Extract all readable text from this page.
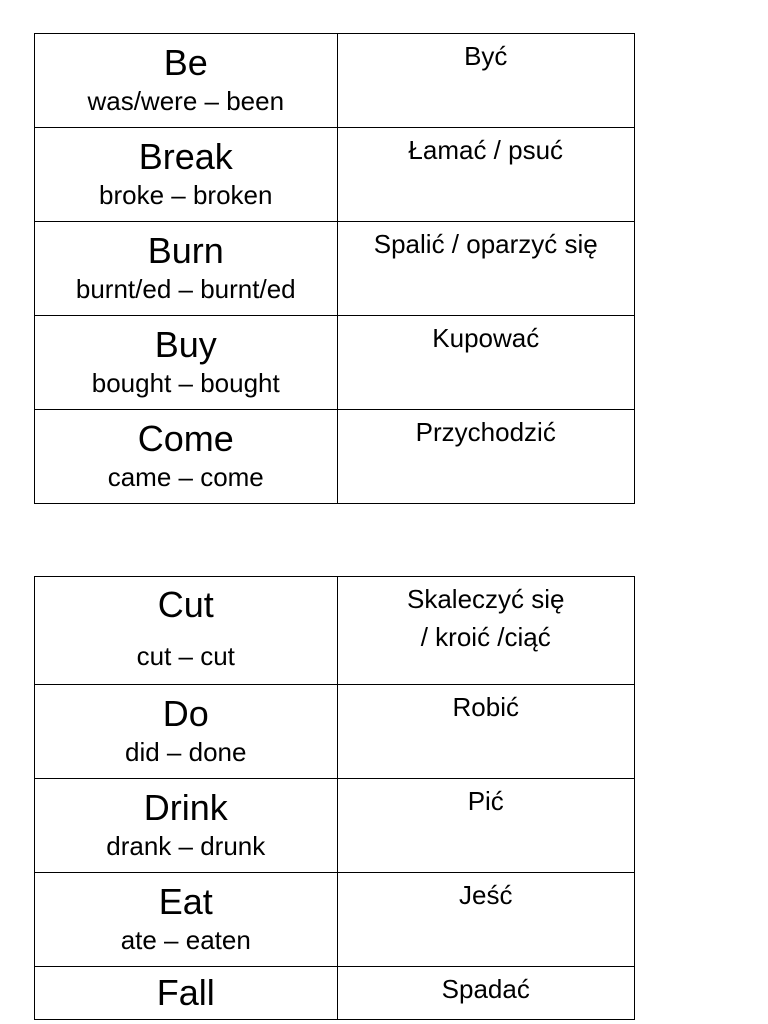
Be
was/were – been	Być

Break
broke – broken	Łamać / psuć

Burn
burnt/ed – burnt/ed	Spalić / oparzyć się

Buy
bought – bought	Kupować

Come
came – come	Przychodzić
Cut
cut – cut	Skaleczyć się
/ kroić /ciąć

Do
did – done	Robić

Drink
drank – drunk	Pić

Eat
ate – eaten	Jeść

Fall	Spadać
